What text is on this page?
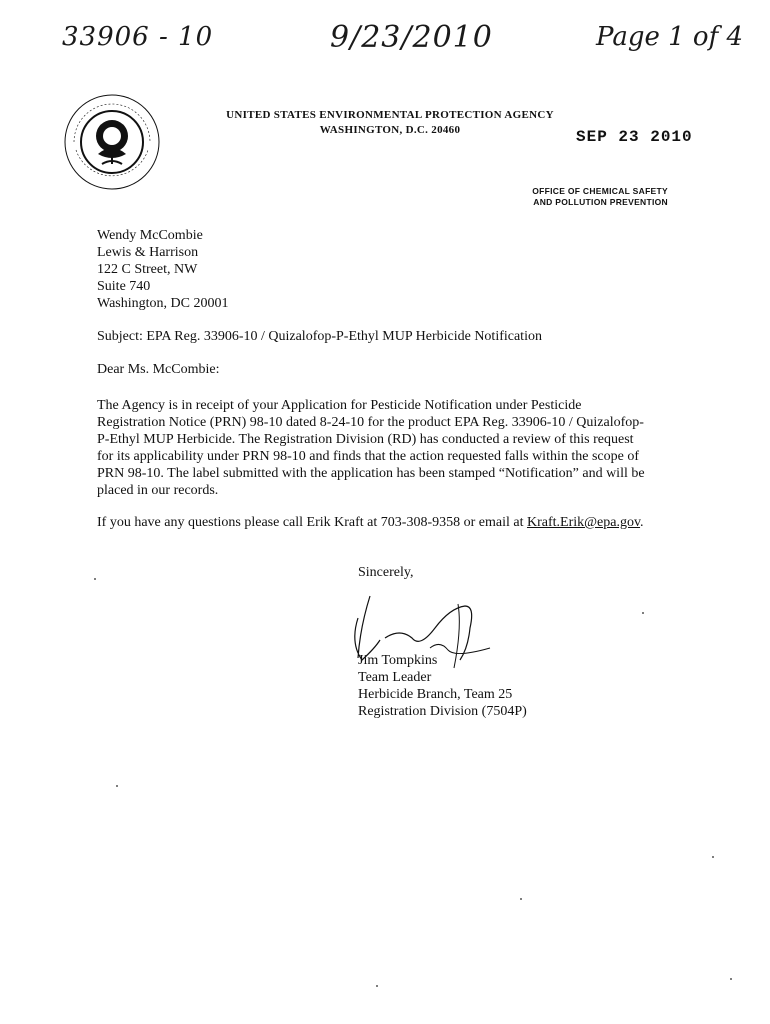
33906 - 10	9/23/2010	Page 1 of 4
UNITED STATES ENVIRONMENTAL PROTECTION AGENCY
WASHINGTON, D.C. 20460	SEP 23 2010
OFFICE OF CHEMICAL SAFETY
AND POLLUTION PREVENTION
Wendy McCombie
Lewis & Harrison
122 C Street, NW
Suite 740
Washington, DC 20001
Subject: EPA Reg. 33906-10 / Quizalofop-P-Ethyl MUP Herbicide Notification
Dear Ms. McCombie:
The Agency is in receipt of your Application for Pesticide Notification under Pesticide
Registration Notice (PRN) 98-10 dated 8-24-10 for the product EPA Reg. 33906-10 / Quizalofop-
P-Ethyl MUP Herbicide. The Registration Division (RD) has conducted a review of this request
for its applicability under PRN 98-10 and finds that the action requested falls within the scope of
PRN 98-10. The label submitted with the application has been stamped “Notification” and will be
placed in our records.
If you have any questions please call Erik Kraft at 703-308-9358 or email at Kraft.Erik@epa.gov.
Sincerely,
Jim Tompkins
Team Leader
Herbicide Branch, Team 25
Registration Division (7504P)
